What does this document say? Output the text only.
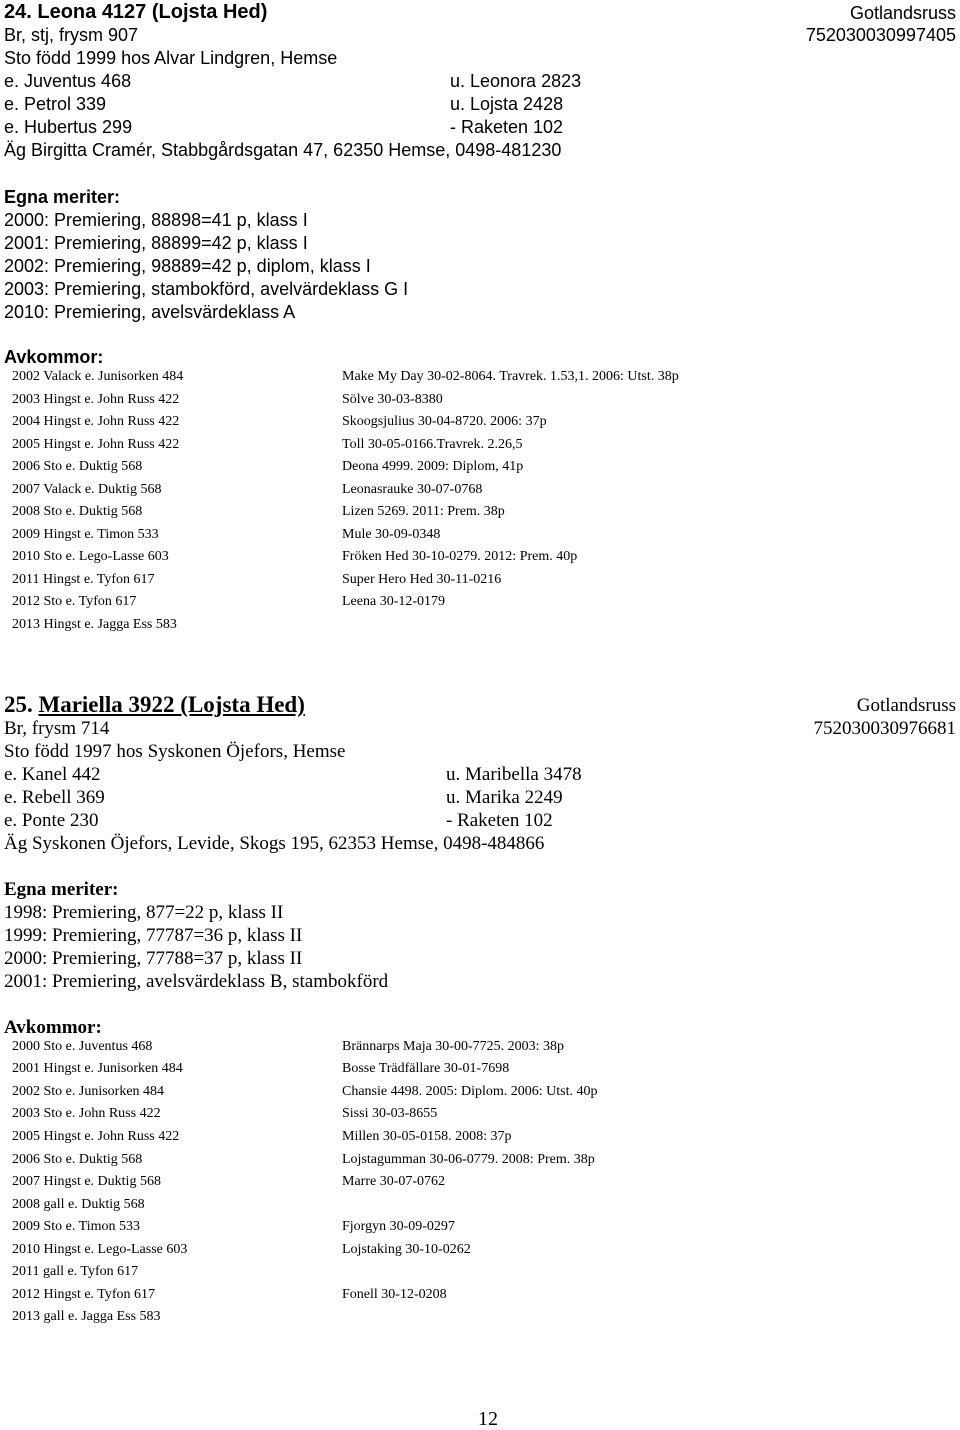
24. Leona 4127 (Lojsta Hed)	Gotlandsruss
Br, stj, frysm 907	752030030997405
Sto född 1999 hos Alvar Lindgren, Hemse
e. Juventus 468	u. Leonora 2823
e. Petrol 339	u. Lojsta 2428
e. Hubertus 299	- Raketen 102
Äg Birgitta Cramér, Stabbgårdsgatan 47, 62350 Hemse, 0498-481230
Egna meriter:
2000: Premiering, 88898=41 p, klass I
2001: Premiering, 88899=42 p, klass I
2002: Premiering, 98889=42 p, diplom, klass I
2003: Premiering, stambokförd, avelvärdeklass G I
2010: Premiering, avelsvärdeklass A
Avkommor:
2002 Valack e. Junisorken 484	Make My Day 30-02-8064. Travrek. 1.53,1. 2006: Utst. 38p
2003 Hingst e. John Russ 422	Sölve 30-03-8380
2004 Hingst e. John Russ 422	Skoogsjulius 30-04-8720. 2006: 37p
2005 Hingst e. John Russ 422	Toll 30-05-0166.Travrek. 2.26,5
2006 Sto e. Duktig 568	Deona 4999. 2009: Diplom, 41p
2007 Valack e. Duktig 568	Leonasrauke 30-07-0768
2008 Sto e. Duktig 568	Lizen 5269. 2011: Prem. 38p
2009 Hingst e. Timon 533	Mule 30-09-0348
2010 Sto e. Lego-Lasse 603	Fröken Hed 30-10-0279. 2012: Prem. 40p
2011 Hingst e. Tyfon 617	Super Hero Hed 30-11-0216
2012 Sto e. Tyfon 617	Leena 30-12-0179
2013 Hingst e. Jagga Ess 583
25. Mariella 3922 (Lojsta Hed)	Gotlandsruss
Br, frysm 714	752030030976681
Sto född 1997 hos Syskonen Öjefors, Hemse
e. Kanel 442	u. Maribella 3478
e. Rebell 369	u. Marika 2249
e. Ponte 230	- Raketen 102
Äg Syskonen Öjefors, Levide, Skogs 195, 62353 Hemse, 0498-484866
Egna meriter:
1998: Premiering, 877=22 p, klass II
1999: Premiering, 77787=36 p, klass II
2000: Premiering, 77788=37 p, klass II
2001: Premiering, avelsvärdeklass B, stambokförd
Avkommor:
2000 Sto e. Juventus 468	Brännarps Maja 30-00-7725. 2003: 38p
2001 Hingst e. Junisorken 484	Bosse Trädfällare 30-01-7698
2002 Sto e. Junisorken 484	Chansie 4498. 2005: Diplom. 2006: Utst. 40p
2003 Sto e. John Russ 422	Sissi 30-03-8655
2005 Hingst e. John Russ 422	Millen 30-05-0158. 2008: 37p
2006 Sto e. Duktig 568	Lojstagumman 30-06-0779. 2008: Prem. 38p
2007 Hingst e. Duktig 568	Marre 30-07-0762
2008 gall e. Duktig 568
2009 Sto e. Timon 533	Fjorgyn 30-09-0297
2010 Hingst e. Lego-Lasse 603	Lojstaking 30-10-0262
2011 gall e. Tyfon 617
2012 Hingst e. Tyfon 617	Fonell 30-12-0208
2013 gall e. Jagga Ess 583
12
